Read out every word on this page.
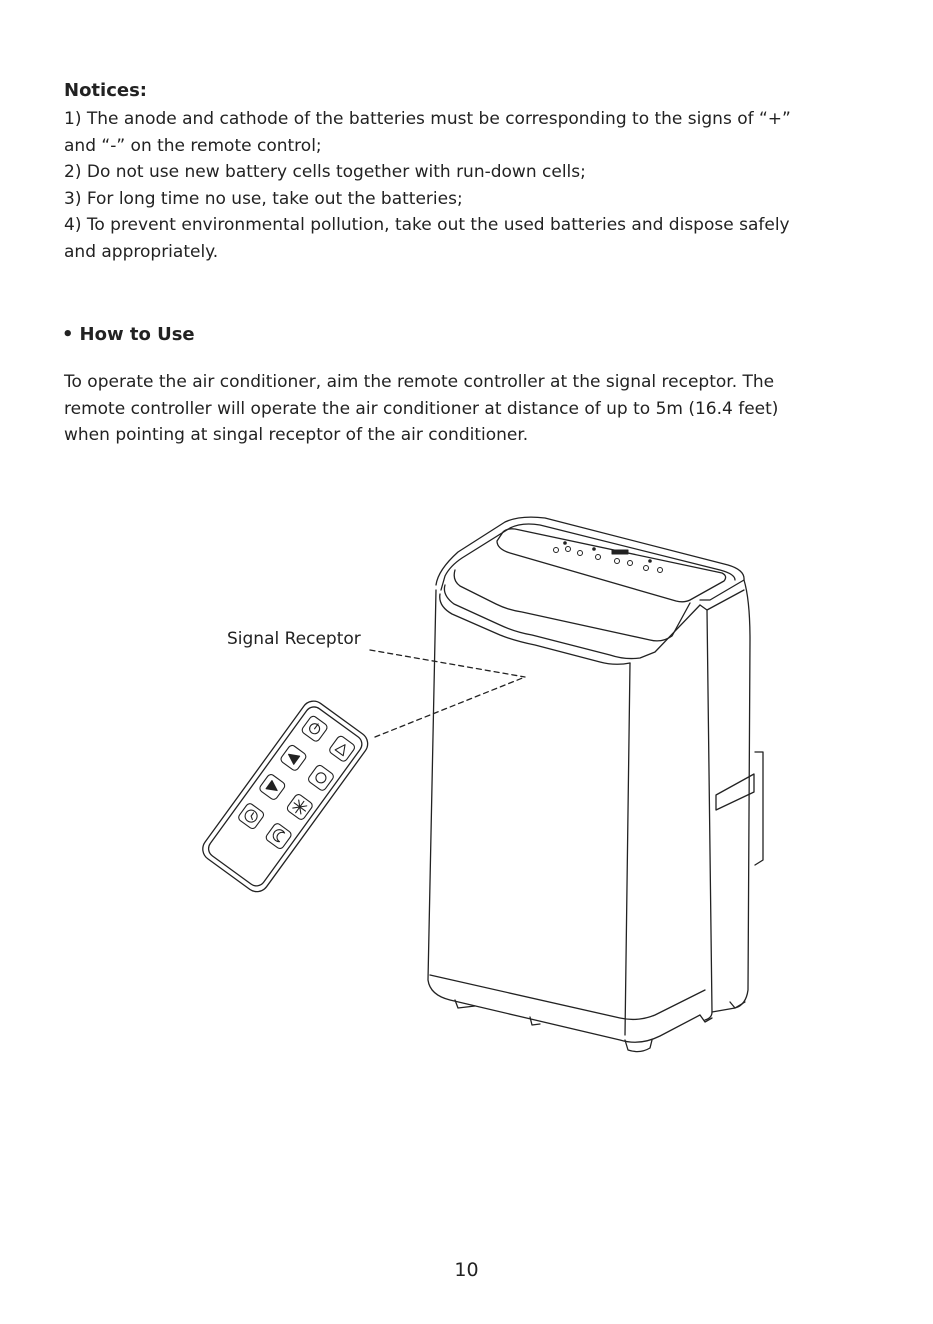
Notices:

1) The anode and cathode of the batteries must be corresponding to the signs of “+”

and “-” on the remote control;

2) Do not use new battery cells together with run-down cells;

3) For long time no use, take out the batteries;

4) To prevent environmental pollution, take out the used batteries and dispose safely

and appropriately.

• How to Use

To operate the air conditioner, aim the remote controller at the signal receptor. The

remote controller will operate the air conditioner at distance of up to 5m (16.4 feet)

when pointing at singal receptor of the air conditioner.

Signal Receptor
10
